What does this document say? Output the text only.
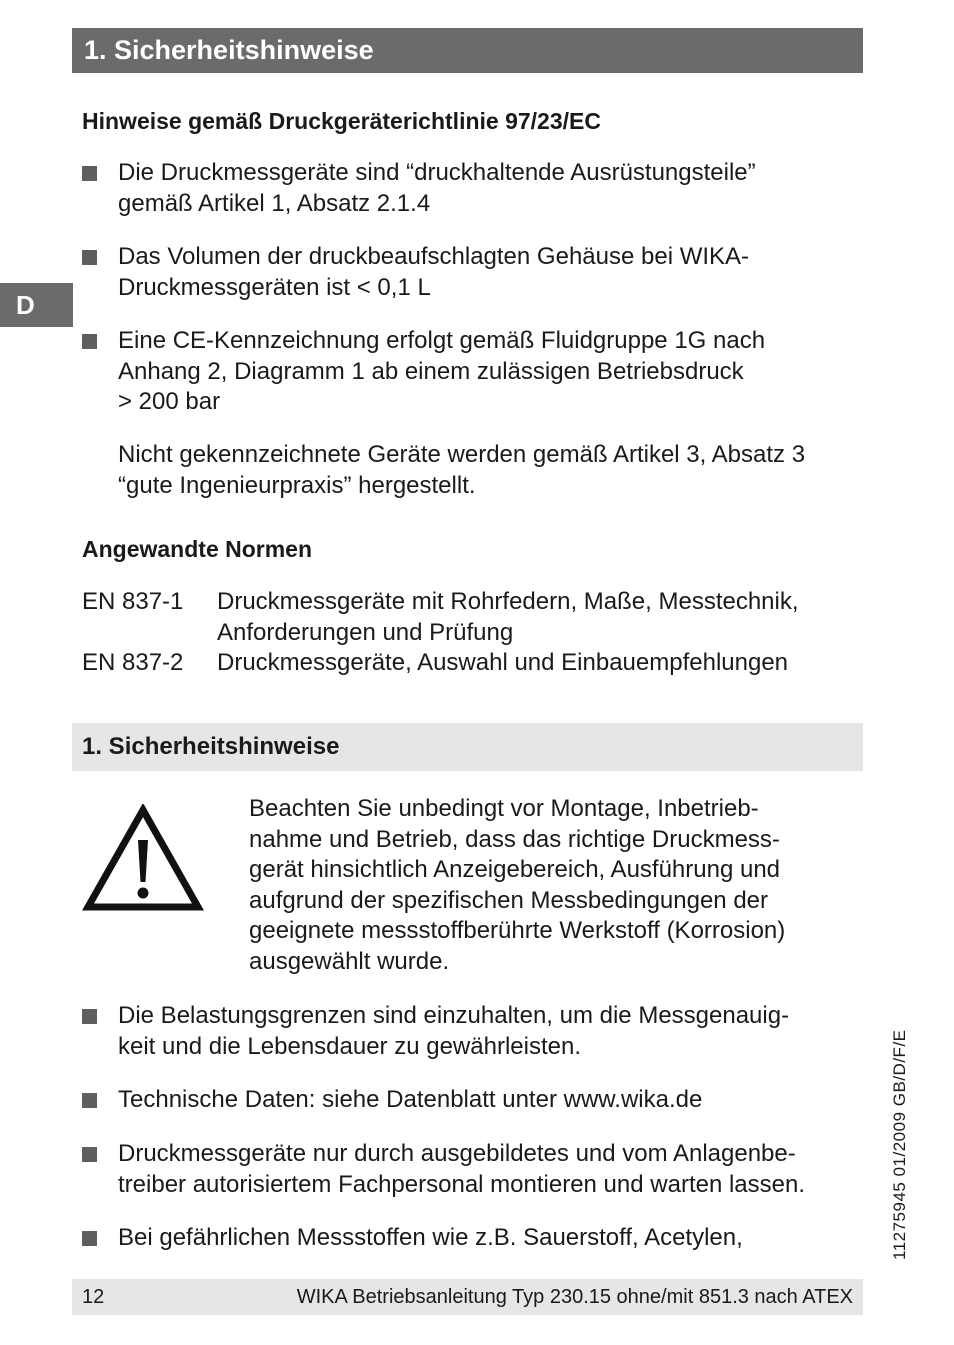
1. Sicherheitshinweise
D
Hinweise gemäß Druckgeräterichtlinie 97/23/EC
Die Druckmessgeräte sind “druckhaltende Ausrüstungsteile”
gemäß Artikel 1, Absatz 2.1.4
Das Volumen der druckbeaufschlagten Gehäuse bei WIKA-
Druckmessgeräten ist < 0,1 L
Eine CE-Kennzeichnung erfolgt gemäß Fluidgruppe 1G nach
Anhang 2, Diagramm 1 ab einem zulässigen Betriebsdruck
> 200 bar
Nicht gekennzeichnete Geräte werden gemäß Artikel 3, Absatz 3
“gute Ingenieurpraxis” hergestellt.
Angewandte Normen
EN 837-1	Druckmessgeräte mit Rohrfedern, Maße, Messtechnik,
Anforderungen und Prüfung
EN 837-2	Druckmessgeräte, Auswahl und Einbauempfehlungen
1. Sicherheitshinweise
Beachten Sie unbedingt vor Montage, Inbetrieb-
nahme und Betrieb, dass das richtige Druckmess-
gerät hinsichtlich Anzeigebereich, Ausführung und
aufgrund der spezifischen Messbedingungen der
geeignete messstoffberührte Werkstoff (Korrosion)
ausgewählt wurde.
Die Belastungsgrenzen sind einzuhalten, um die Messgenauig-
keit und die Lebensdauer zu gewährleisten.
Technische Daten: siehe Datenblatt unter www.wika.de
Druckmessgeräte nur durch ausgebildetes und vom Anlagenbe-
treiber autorisiertem Fachpersonal montieren und warten lassen.
Bei gefährlichen Messstoffen wie z.B. Sauerstoff, Acetylen,	11275945 01/2009 GB/D/F/E
12	WIKA Betriebsanleitung Typ 230.15 ohne/mit 851.3 nach ATEX
